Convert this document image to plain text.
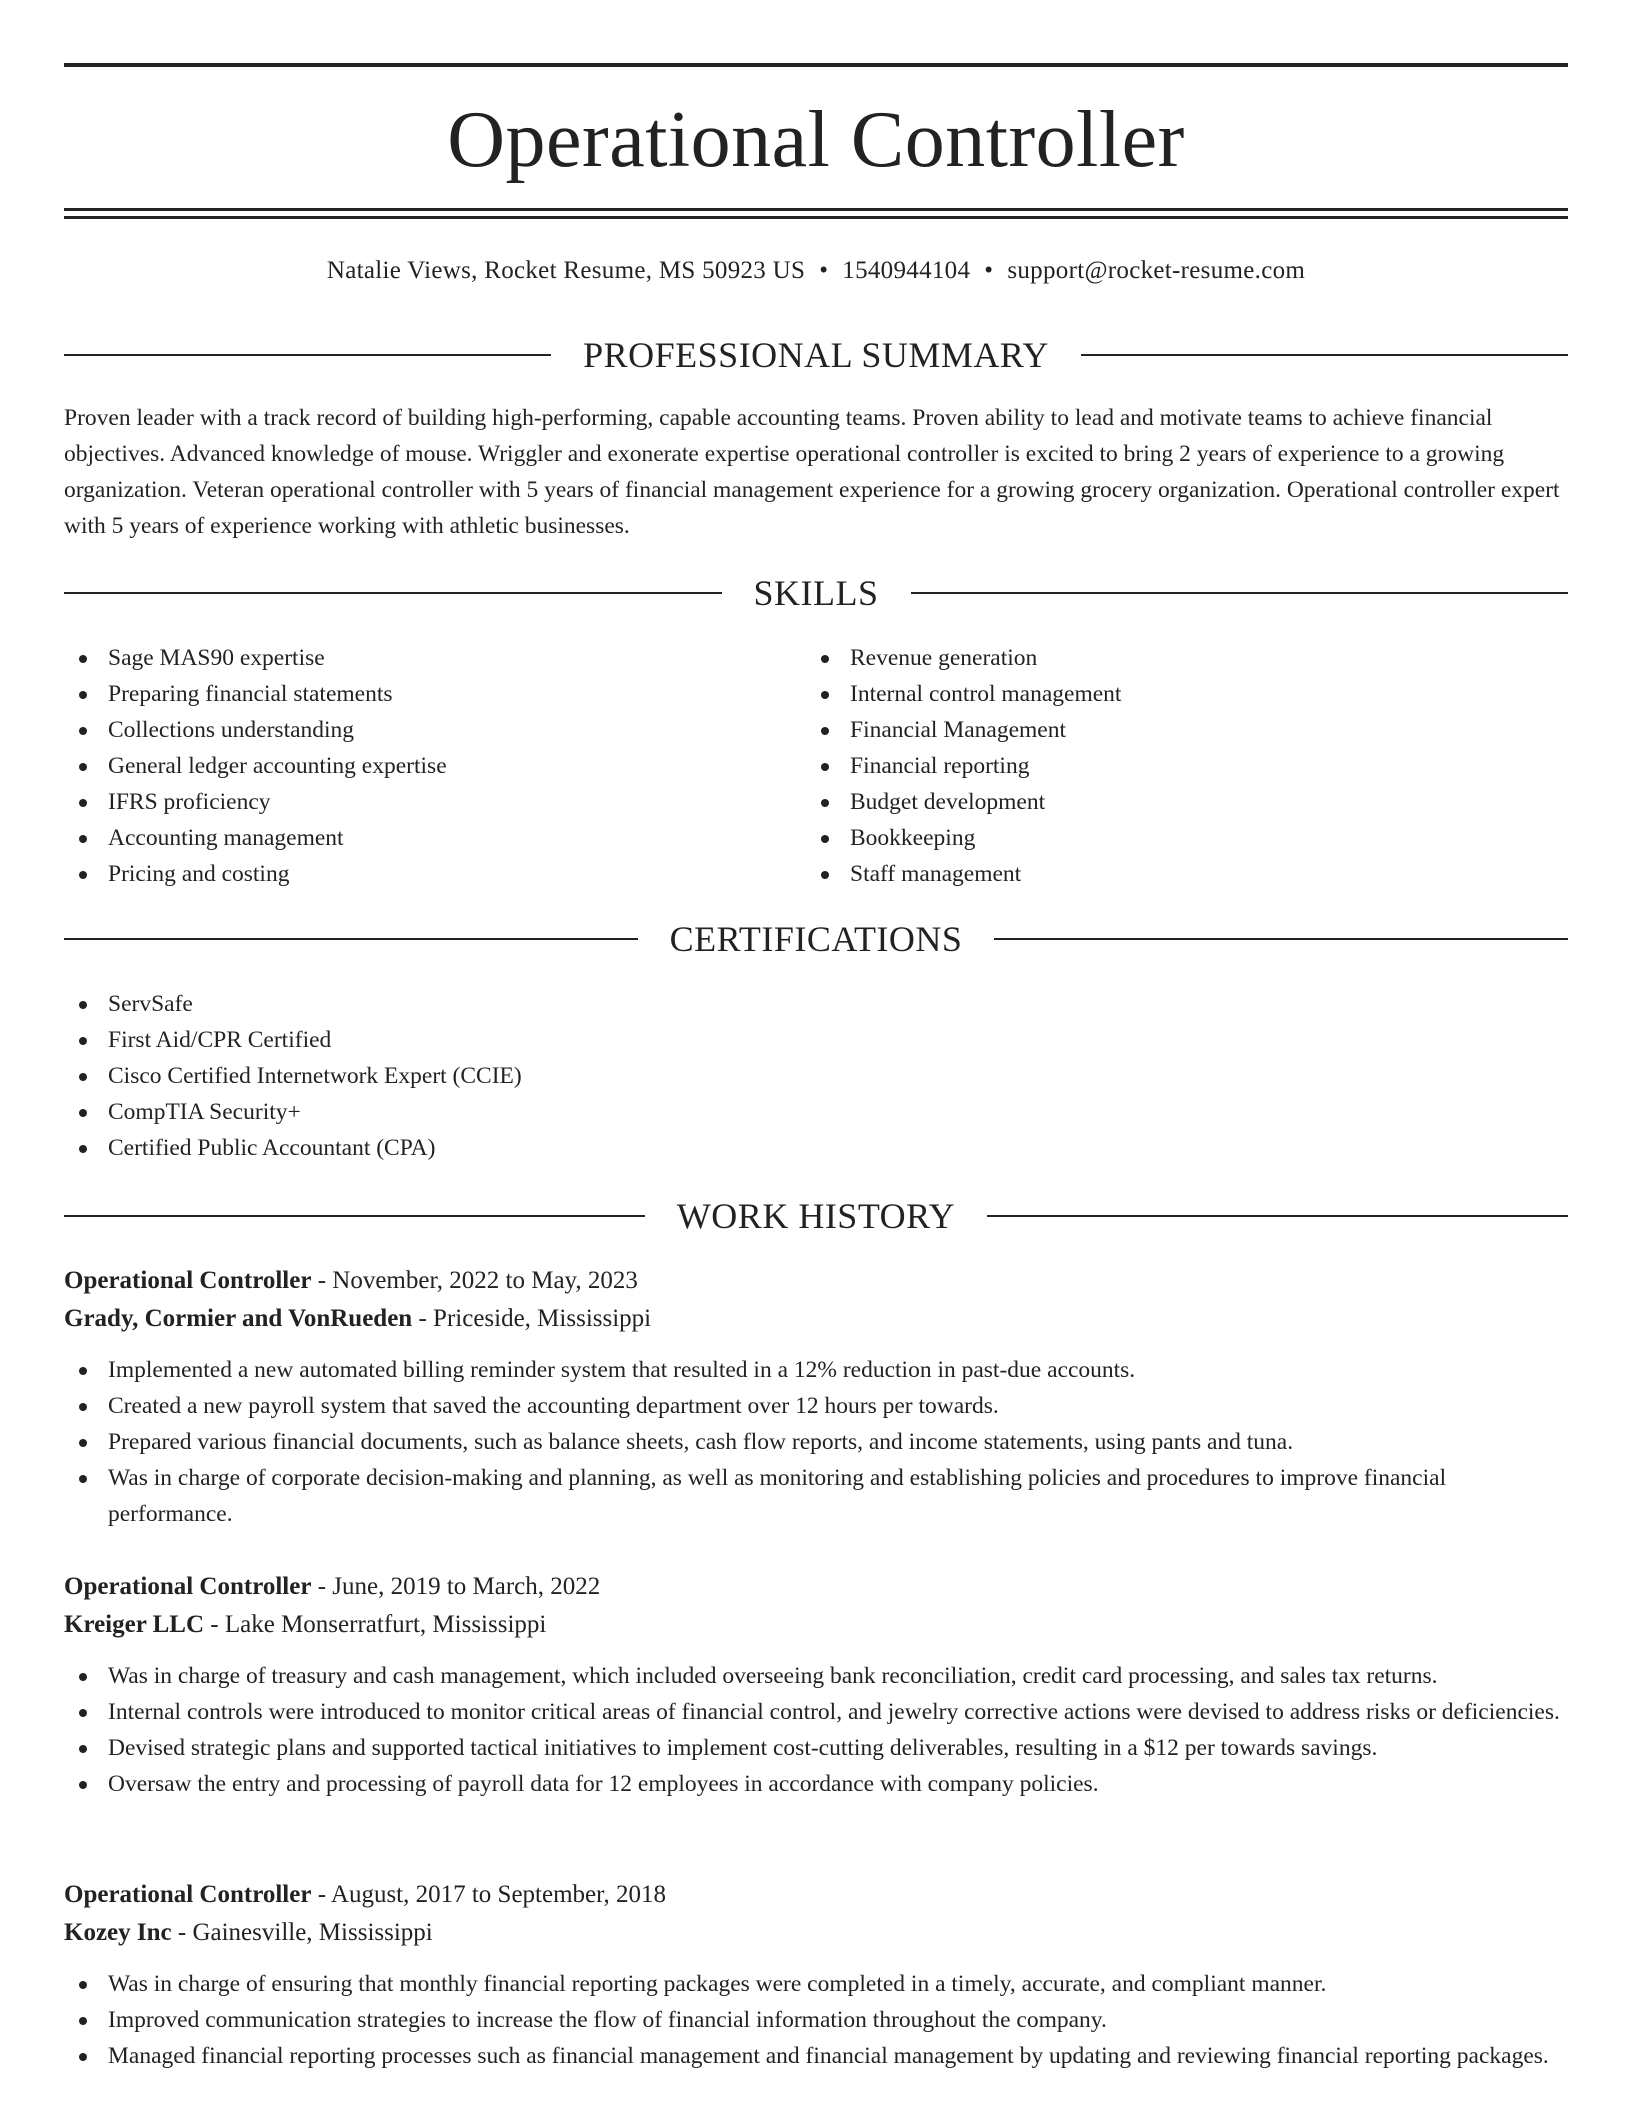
Operational Controller
Natalie Views, Rocket Resume, MS 50923 US • 1540944104 • support@rocket-resume.com
PROFESSIONAL SUMMARY

Proven leader with a track record of building high-performing, capable accounting teams. Proven ability to lead and motivate teams to achieve financial objectives. Advanced knowledge of mouse. Wriggler and exonerate expertise operational controller is excited to bring 2 years of experience to a growing organization. Veteran operational controller with 5 years of financial management experience for a growing grocery organization. Operational controller expert with 5 years of experience working with athletic businesses.

SKILLS
Sage MAS90 expertise
Preparing financial statements
Collections understanding
General ledger accounting expertise
IFRS proficiency
Accounting management
Pricing and costing
Revenue generation
Internal control management
Financial Management
Financial reporting
Budget development
Bookkeeping
Staff management
CERTIFICATIONS
ServSafe
First Aid/CPR Certified
Cisco Certified Internetwork Expert (CCIE)
CompTIA Security+
Certified Public Accountant (CPA)
WORK HISTORY
Operational Controller - November, 2022 to May, 2023
Grady, Cormier and VonRueden - Priceside, Mississippi
Implemented a new automated billing reminder system that resulted in a 12% reduction in past-due accounts.
Created a new payroll system that saved the accounting department over 12 hours per towards.
Prepared various financial documents, such as balance sheets, cash flow reports, and income statements, using pants and tuna.
Was in charge of corporate decision-making and planning, as well as monitoring and establishing policies and procedures to improve financial performance.
Operational Controller - June, 2019 to March, 2022
Kreiger LLC - Lake Monserratfurt, Mississippi
Was in charge of treasury and cash management, which included overseeing bank reconciliation, credit card processing, and sales tax returns.
Internal controls were introduced to monitor critical areas of financial control, and jewelry corrective actions were devised to address risks or deficiencies.
Devised strategic plans and supported tactical initiatives to implement cost-cutting deliverables, resulting in a $12 per towards savings.
Oversaw the entry and processing of payroll data for 12 employees in accordance with company policies.
Operational Controller - August, 2017 to September, 2018
Kozey Inc - Gainesville, Mississippi
Was in charge of ensuring that monthly financial reporting packages were completed in a timely, accurate, and compliant manner.
Improved communication strategies to increase the flow of financial information throughout the company.
Managed financial reporting processes such as financial management and financial management by updating and reviewing financial reporting packages.
